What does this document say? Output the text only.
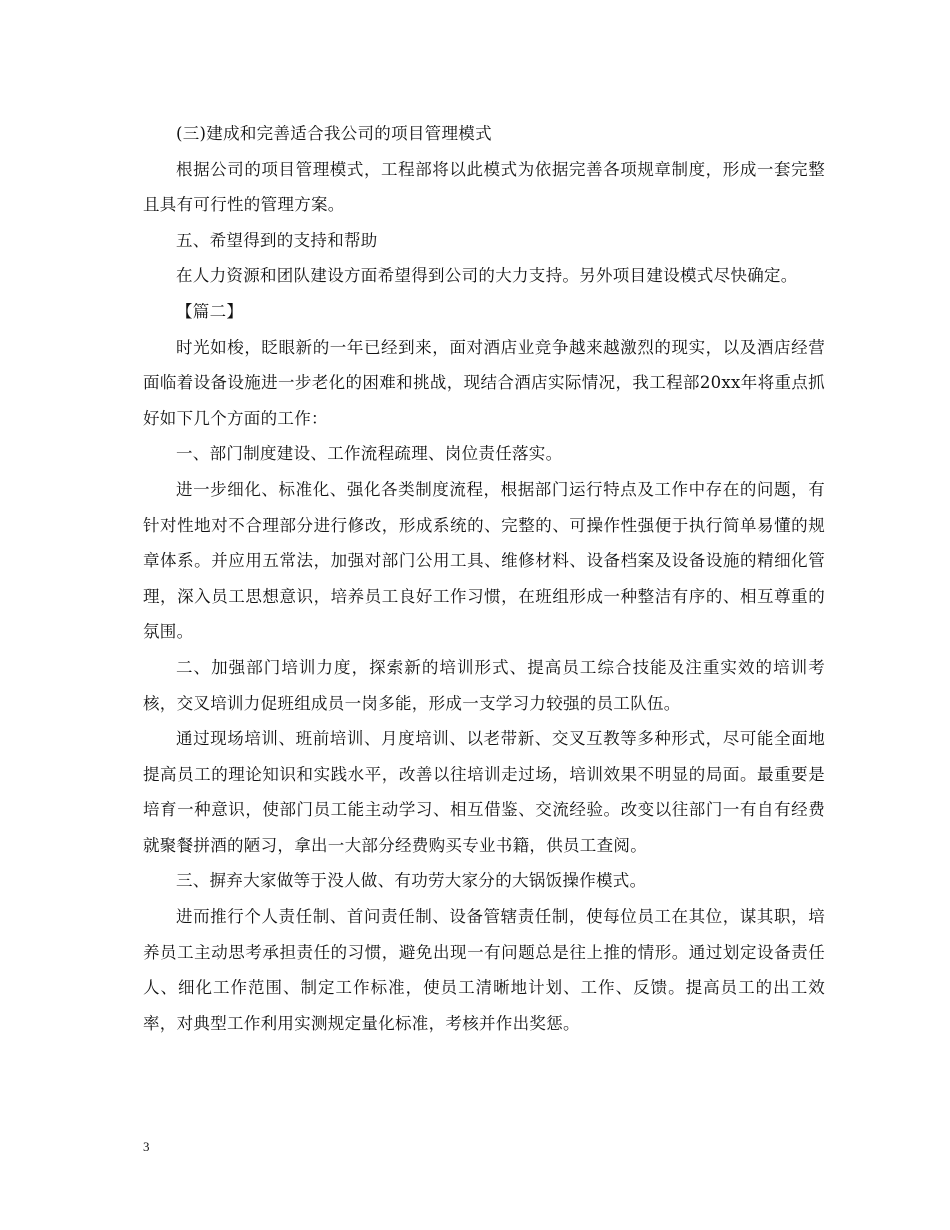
(三)建成和完善适合我公司的项目管理模式

根据公司的项目管理模式，工程部将以此模式为依据完善各项规章制度，形成一套完整且具有可行性的管理方案。

五、希望得到的支持和帮助

在人力资源和团队建设方面希望得到公司的大力支持。另外项目建设模式尽快确定。

【篇二】

时光如梭，眨眼新的一年已经到来，面对酒店业竞争越来越激烈的现实，以及酒店经营面临着设备设施进一步老化的困难和挑战，现结合酒店实际情况，我工程部20xx年将重点抓好如下几个方面的工作：

一、部门制度建设、工作流程疏理、岗位责任落实。

进一步细化、标准化、强化各类制度流程，根据部门运行特点及工作中存在的问题，有针对性地对不合理部分进行修改，形成系统的、完整的、可操作性强便于执行简单易懂的规章体系。并应用五常法，加强对部门公用工具、维修材料、设备档案及设备设施的精细化管理，深入员工思想意识，培养员工良好工作习惯，在班组形成一种整洁有序的、相互尊重的氛围。

二、加强部门培训力度，探索新的培训形式、提高员工综合技能及注重实效的培训考核，交叉培训力促班组成员一岗多能，形成一支学习力较强的员工队伍。

通过现场培训、班前培训、月度培训、以老带新、交叉互教等多种形式，尽可能全面地提高员工的理论知识和实践水平，改善以往培训走过场，培训效果不明显的局面。最重要是培育一种意识，使部门员工能主动学习、相互借鉴、交流经验。改变以往部门一有自有经费就聚餐拼酒的陋习，拿出一大部分经费购买专业书籍，供员工查阅。

三、摒弃大家做等于没人做、有功劳大家分的大锅饭操作模式。

进而推行个人责任制、首问责任制、设备管辖责任制，使每位员工在其位，谋其职，培养员工主动思考承担责任的习惯，避免出现一有问题总是往上推的情形。通过划定设备责任人、细化工作范围、制定工作标准，使员工清晰地计划、工作、反馈。提高员工的出工效率，对典型工作利用实测规定量化标准，考核并作出奖惩。

3
